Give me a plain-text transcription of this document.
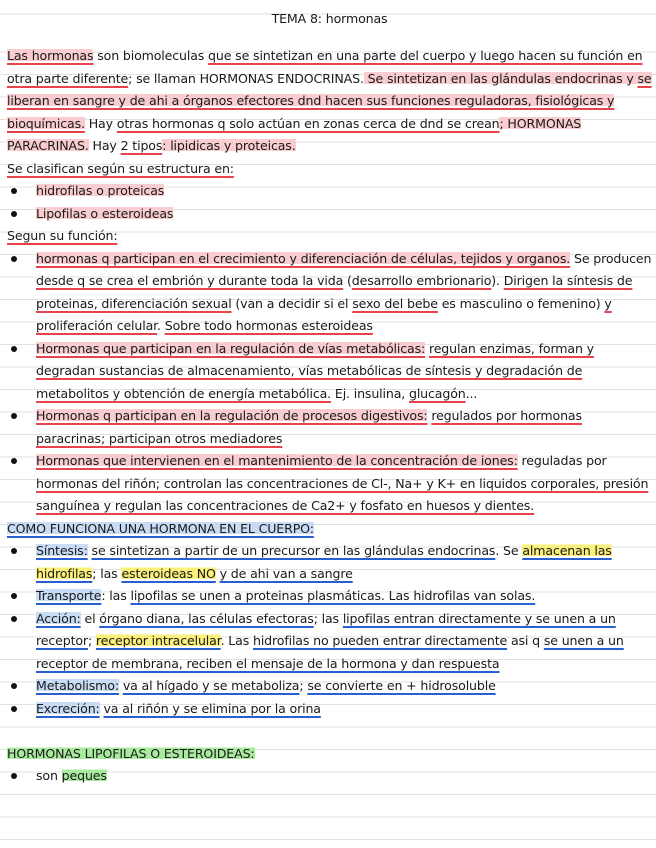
TEMA 8: hormonas

Las hormonas son biomoleculas que se sintetizan en una parte del cuerpo y luego hacen su función en otra parte diferente; se llaman HORMONAS ENDOCRINAS. Se sintetizan en las glándulas endocrinas y se liberan en sangre y de ahi a órganos efectores dnd hacen sus funciones reguladoras, fisiológicas y bioquímicas. Hay otras hormonas q solo actúan en zonas cerca de dnd se crean; HORMONAS PARACRINAS. Hay 2 tipos: lipidicas y proteicas.
Se clasifican según su estructura en:

hidrofilas o proteicas
Lipofilas o esteroideas

Segun su función:

hormonas q participan en el crecimiento y diferenciación de células, tejidos y organos. Se producen desde q se crea el embrión y durante toda la vida (desarrollo embrionario). Dirigen la síntesis de proteinas, diferenciación sexual (van a decidir si el sexo del bebe es masculino o femenino) y proliferación celular. Sobre todo hormonas esteroideas
Hormonas que participan en la regulación de vías metabólicas: regulan enzimas, forman y degradan sustancias de almacenamiento, vías metabólicas de síntesis y degradación de metabolitos y obtención de energía metabólica. Ej. insulina, glucagón...
Hormonas q participan en la regulación de procesos digestivos: regulados por hormonas paracrinas; participan otros mediadores
Hormonas que intervienen en el mantenimiento de la concentración de iones: reguladas por hormonas del riñón; controlan las concentraciones de Cl-, Na+ y K+ en liquidos corporales, presión sanguínea y regulan las concentraciones de Ca2+ y fosfato en huesos y dientes.

COMO FUNCIONA UNA HORMONA EN EL CUERPO:

Síntesis: se sintetizan a partir de un precursor en las glándulas endocrinas. Se almacenan las hidrofilas; las esteroideas NO y de ahi van a sangre
Transporte: las lipofilas se unen a proteinas plasmáticas. Las hidrofilas van solas.
Acción: el órgano diana, las células efectoras; las lipofilas entran directamente y se unen a un receptor; receptor intracelular. Las hidrofilas no pueden entrar directamente asi q se unen a un receptor de membrana, reciben el mensaje de la hormona y dan respuesta
Metabolismo: va al hígado y se metaboliza; se convierte en + hidrosoluble
Excreción: va al riñón y se elimina por la orina

HORMONAS LIPOFILAS O ESTEROIDEAS:

son peques
